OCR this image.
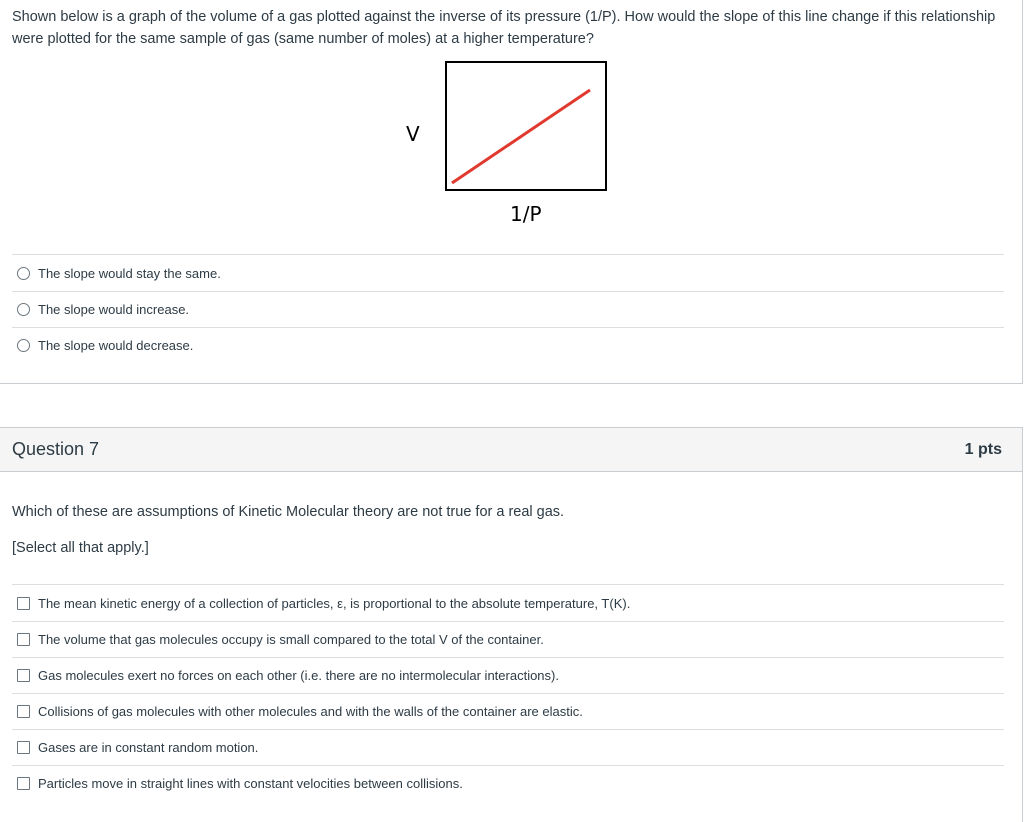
Shown below is a graph of the volume of a gas plotted against the inverse of its pressure (1/P). How would the slope of this line change if this relationship were plotted for the same sample of gas (same number of moles) at a higher temperature?

V
1/P
The slope would stay the same.
The slope would increase.
The slope would decrease.
Question 7	1 pts

Which of these are assumptions of Kinetic Molecular theory are not true for a real gas.

[Select all that apply.]

The mean kinetic energy of a collection of particles, ε, is proportional to the absolute temperature, T(K).
The volume that gas molecules occupy is small compared to the total V of the container.
Gas molecules exert no forces on each other (i.e. there are no intermolecular interactions).
Collisions of gas molecules with other molecules and with the walls of the container are elastic.
Gases are in constant random motion.
Particles move in straight lines with constant velocities between collisions.
